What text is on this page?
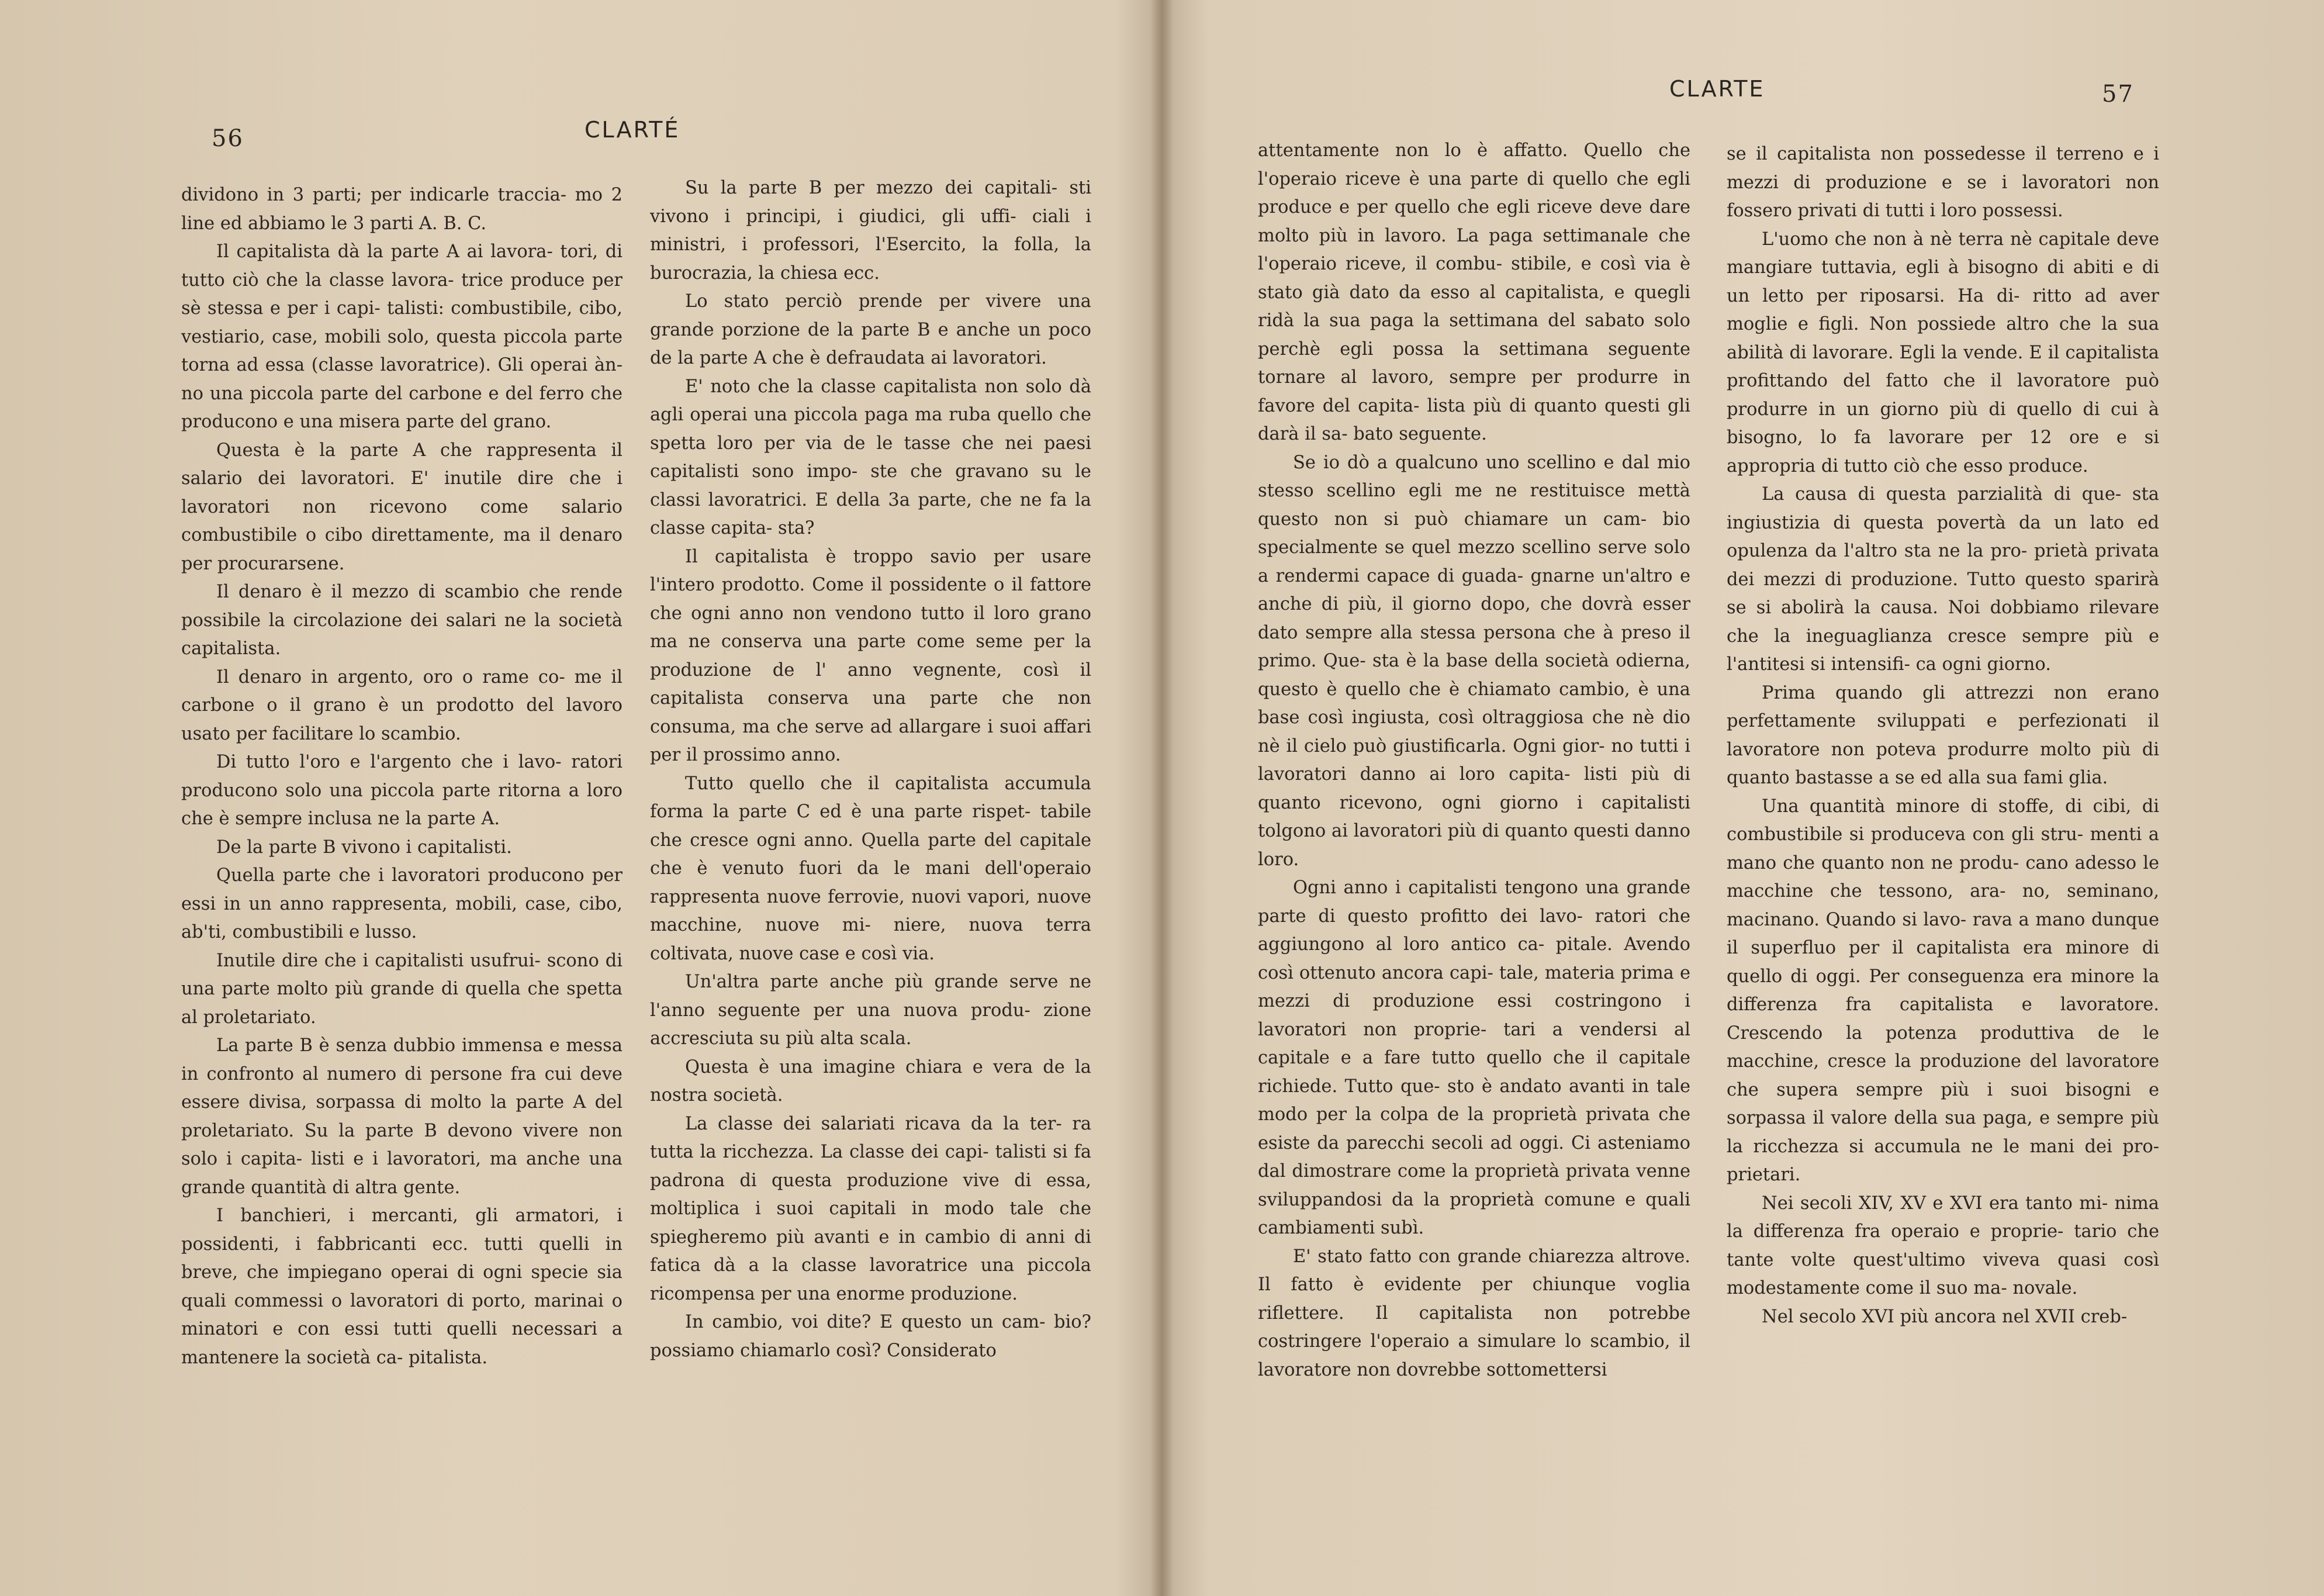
56	CLARTÉ

dividono in 3 parti; per indicarle traccia- mo 2 line ed abbiamo le 3 parti A. B. C.

Il capitalista dà la parte A ai lavora- tori, di tutto ciò che la classe lavora- trice produce per sè stessa e per i capi- talisti: combustibile, cibo, vestiario, case, mobili solo, questa piccola parte torna ad essa (classe lavoratrice). Gli operai àn- no una piccola parte del carbone e del ferro che producono e una misera parte del grano.

Questa è la parte A che rappresenta il salario dei lavoratori. E' inutile dire che i lavoratori non ricevono come salario combustibile o cibo direttamente, ma il denaro per procurarsene.

Il denaro è il mezzo di scambio che rende possibile la circolazione dei salari ne la società capitalista.

Il denaro in argento, oro o rame co- me il carbone o il grano è un prodotto del lavoro usato per facilitare lo scambio.

Di tutto l'oro e l'argento che i lavo- ratori producono solo una piccola parte ritorna a loro che è sempre inclusa ne la parte A.

De la parte B vivono i capitalisti.

Quella parte che i lavoratori producono per essi in un anno rappresenta, mobili, case, cibo, ab'ti, combustibili e lusso.

Inutile dire che i capitalisti usufrui- scono di una parte molto più grande di quella che spetta al proletariato.

La parte B è senza dubbio immensa e messa in confronto al numero di persone fra cui deve essere divisa, sorpassa di molto la parte A del proletariato. Su la parte B devono vivere non solo i capita- listi e i lavoratori, ma anche una grande quantità di altra gente.

I banchieri, i mercanti, gli armatori, i possidenti, i fabbricanti ecc. tutti quelli in breve, che impiegano operai di ogni specie sia quali commessi o lavoratori di porto, marinai o minatori e con essi tutti quelli necessari a mantenere la società ca- pitalista.

Su la parte B per mezzo dei capitali- sti vivono i principi, i giudici, gli uffi- ciali i ministri, i professori, l'Esercito, la folla, la burocrazia, la chiesa ecc.

Lo stato perciò prende per vivere una grande porzione de la parte B e anche un poco de la parte A che è defraudata ai lavoratori.

E' noto che la classe capitalista non solo dà agli operai una piccola paga ma ruba quello che spetta loro per via de le tasse che nei paesi capitalisti sono impo- ste che gravano su le classi lavoratrici. E della 3a parte, che ne fa la classe capita- sta?

Il capitalista è troppo savio per usare l'intero prodotto. Come il possidente o il fattore che ogni anno non vendono tutto il loro grano ma ne conserva una parte come seme per la produzione de l' anno vegnente, così il capitalista conserva una parte che non consuma, ma che serve ad allargare i suoi affari per il prossimo anno.

Tutto quello che il capitalista accumula forma la parte C ed è una parte rispet- tabile che cresce ogni anno. Quella parte del capitale che è venuto fuori da le mani dell'operaio rappresenta nuove ferrovie, nuovi vapori, nuove macchine, nuove mi- niere, nuova terra coltivata, nuove case e così via.

Un'altra parte anche più grande serve ne l'anno seguente per una nuova produ- zione accresciuta su più alta scala.

Questa è una imagine chiara e vera de la nostra società.

La classe dei salariati ricava da la ter- ra tutta la ricchezza. La classe dei capi- talisti si fa padrona di questa produzione vive di essa, moltiplica i suoi capitali in modo tale che spiegheremo più avanti e in cambio di anni di fatica dà a la classe lavoratrice una piccola ricompensa per una enorme produzione.

In cambio, voi dite? E questo un cam- bio? possiamo chiamarlo così? Considerato

CLARTE	57

attentamente non lo è affatto. Quello che l'operaio riceve è una parte di quello che egli produce e per quello che egli riceve deve dare molto più in lavoro. La paga settimanale che l'operaio riceve, il combu- stibile, e così via è stato già dato da esso al capitalista, e quegli ridà la sua paga la settimana del sabato solo perchè egli possa la settimana seguente tornare al lavoro, sempre per produrre in favore del capita- lista più di quanto questi gli darà il sa- bato seguente.

Se io dò a qualcuno uno scellino e dal mio stesso scellino egli me ne restituisce mettà questo non si può chiamare un cam- bio specialmente se quel mezzo scellino serve solo a rendermi capace di guada- gnarne un'altro e anche di più, il giorno dopo, che dovrà esser dato sempre alla stessa persona che à preso il primo. Que- sta è la base della società odierna, questo è quello che è chiamato cambio, è una base così ingiusta, così oltraggiosa che nè dio nè il cielo può giustificarla. Ogni gior- no tutti i lavoratori danno ai loro capita- listi più di quanto ricevono, ogni giorno i capitalisti tolgono ai lavoratori più di quanto questi danno loro.

Ogni anno i capitalisti tengono una grande parte di questo profitto dei lavo- ratori che aggiungono al loro antico ca- pitale. Avendo così ottenuto ancora capi- tale, materia prima e mezzi di produzione essi costringono i lavoratori non proprie- tari a vendersi al capitale e a fare tutto quello che il capitale richiede. Tutto que- sto è andato avanti in tale modo per la colpa de la proprietà privata che esiste da parecchi secoli ad oggi. Ci asteniamo dal dimostrare come la proprietà privata venne sviluppandosi da la proprietà comune e quali cambiamenti subì.

E' stato fatto con grande chiarezza altrove. Il fatto è evidente per chiunque voglia riflettere. Il capitalista non potrebbe costringere l'operaio a simulare lo scambio, il lavoratore non dovrebbe sottomettersi

se il capitalista non possedesse il terreno e i mezzi di produzione e se i lavoratori non fossero privati di tutti i loro possessi.

L'uomo che non à nè terra nè capitale deve mangiare tuttavia, egli à bisogno di abiti e di un letto per riposarsi. Ha di- ritto ad aver moglie e figli. Non possiede altro che la sua abilità di lavorare. Egli la vende. E il capitalista profittando del fatto che il lavoratore può produrre in un giorno più di quello di cui à bisogno, lo fa lavorare per 12 ore e si appropria di tutto ciò che esso produce.

La causa di questa parzialità di que- sta ingiustizia di questa povertà da un lato ed opulenza da l'altro sta ne la pro- prietà privata dei mezzi di produzione. Tutto questo sparirà se si abolirà la causa. Noi dobbiamo rilevare che la ineguaglianza cresce sempre più e l'antitesi si intensifi- ca ogni giorno.

Prima quando gli attrezzi non erano perfettamente sviluppati e perfezionati il lavoratore non poteva produrre molto più di quanto bastasse a se ed alla sua fami glia.

Una quantità minore di stoffe, di cibi, di combustibile si produceva con gli stru- menti a mano che quanto non ne produ- cano adesso le macchine che tessono, ara- no, seminano, macinano. Quando si lavo- rava a mano dunque il superfluo per il capitalista era minore di quello di oggi. Per conseguenza era minore la differenza fra capitalista e lavoratore. Crescendo la potenza produttiva de le macchine, cresce la produzione del lavoratore che supera sempre più i suoi bisogni e sorpassa il valore della sua paga, e sempre più la ricchezza si accumula ne le mani dei pro- prietari.

Nei secoli XIV, XV e XVI era tanto mi- nima la differenza fra operaio e proprie- tario che tante volte quest'ultimo viveva quasi così modestamente come il suo ma- novale.

Nel secolo XVI più ancora nel XVII creb-
